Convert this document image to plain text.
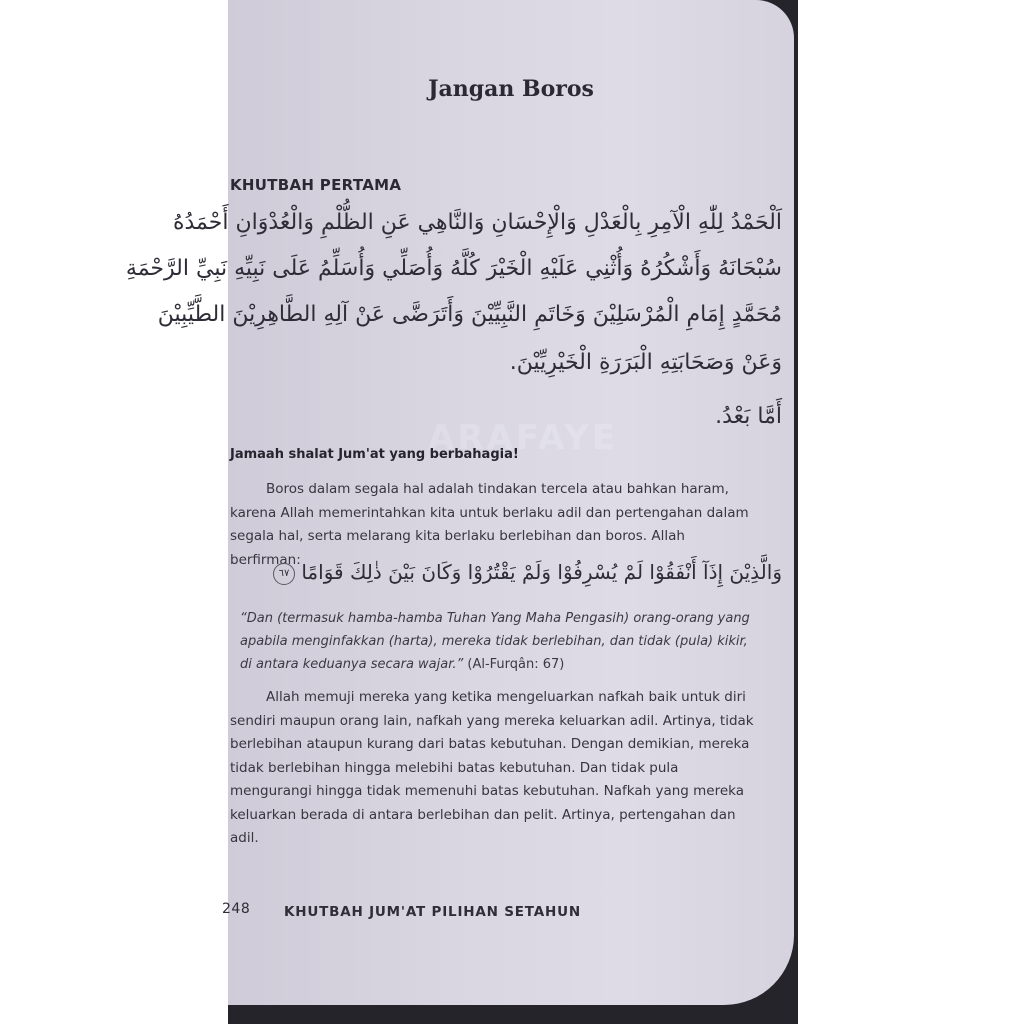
Jangan Boros
KHUTBAH PERTAMA
اَلْحَمْدُ لِلّٰهِ الْآمِرِ بِالْعَدْلِ وَالْإِحْسَانِ وَالنَّاهِي عَنِ الظُّلْمِ وَالْعُدْوَانِ أَحْمَدُهُ
سُبْحَانَهُ وَأَشْكُرُهُ وَأُثْنِي عَلَيْهِ الْخَيْرَ كُلَّهُ وَأُصَلِّي وَأُسَلِّمُ عَلَى نَبِيِّهِ نَبِيِّ الرَّحْمَةِ
مُحَمَّدٍ إِمَامِ الْمُرْسَلِيْنَ وَخَاتَمِ النَّبِيِّيْنَ وَأَتَرَضَّى عَنْ آلِهِ الطَّاهِرِيْنَ الطَّيِّبِيْنَ
وَعَنْ وَصَحَابَتِهِ الْبَرَرَةِ الْخَيْرِيِّيْنَ.
أَمَّا بَعْدُ.
ARAFAYE
Jamaah shalat Jum'at yang berbahagia!

Boros dalam segala hal adalah tindakan tercela atau bahkan haram, karena Allah memerintahkan kita untuk berlaku adil dan pertengahan dalam segala hal, serta melarang kita berlaku berlebihan dan boros. Allah berfirman:

وَالَّذِيْنَ إِذَآ أَنْفَقُوْا لَمْ يُسْرِفُوْا وَلَمْ يَقْتُرُوْا وَكَانَ بَيْنَ ذٰلِكَ قَوَامًا ٦٧
“Dan (termasuk hamba-hamba Tuhan Yang Maha Pengasih) orang-orang yang apabila menginfakkan (harta), mereka tidak berlebihan, dan tidak (pula) kikir, di antara keduanya secara wajar.” (Al-Furqân: 67)

Allah memuji mereka yang ketika mengeluarkan nafkah baik untuk diri sendiri maupun orang lain, nafkah yang mereka keluarkan adil. Artinya, tidak berlebihan ataupun kurang dari batas kebutuhan. Dengan demikian, mereka tidak berlebihan hingga melebihi batas kebutuhan. Dan tidak pula mengurangi hingga tidak memenuhi batas kebutuhan. Nafkah yang mereka keluarkan berada di antara berlebihan dan pelit. Artinya, pertengahan dan adil.

248	KHUTBAH JUM'AT PILIHAN SETAHUN
